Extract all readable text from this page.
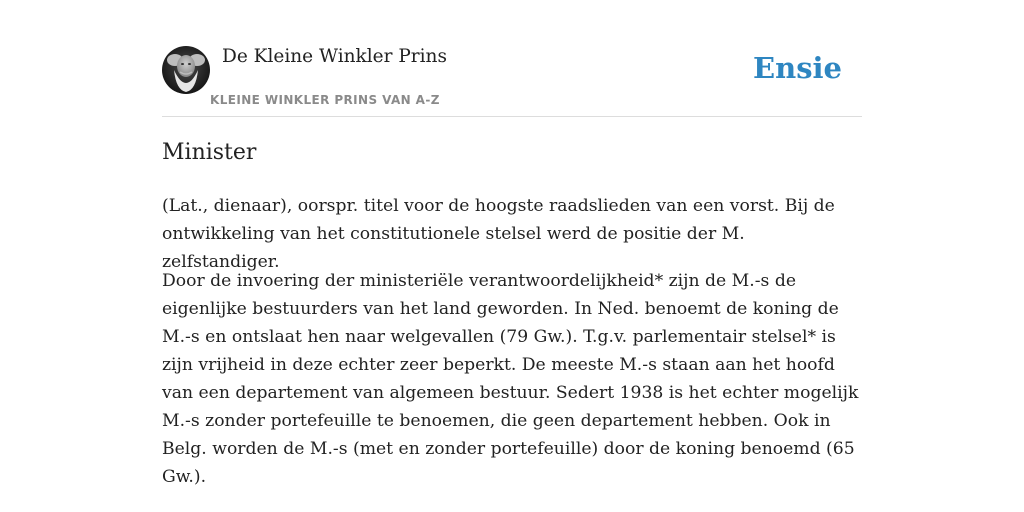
De Kleine Winkler Prins
KLEINE WINKLER PRINS VAN A-Z
Ensie
Minister

(Lat., dienaar), oorspr. titel voor de hoogste raadslieden van een vorst. Bij de ontwikkeling van het constitutionele stelsel werd de positie der M. zelfstandiger.

Door de invoering der ministeriële verantwoordelijkheid* zijn de M.-s de eigenlijke bestuurders van het land geworden. In Ned. benoemt de koning de M.-s en ontslaat hen naar welgevallen (79 Gw.). T.g.v. parlementair stelsel* is zijn vrijheid in deze echter zeer beperkt. De meeste M.-s staan aan het hoofd van een departement van algemeen bestuur. Sedert 1938 is het echter mogelijk M.-s zonder portefeuille te benoemen, die geen departement hebben. Ook in Belg. worden de M.-s (met en zonder portefeuille) door de koning benoemd (65 Gw.).
